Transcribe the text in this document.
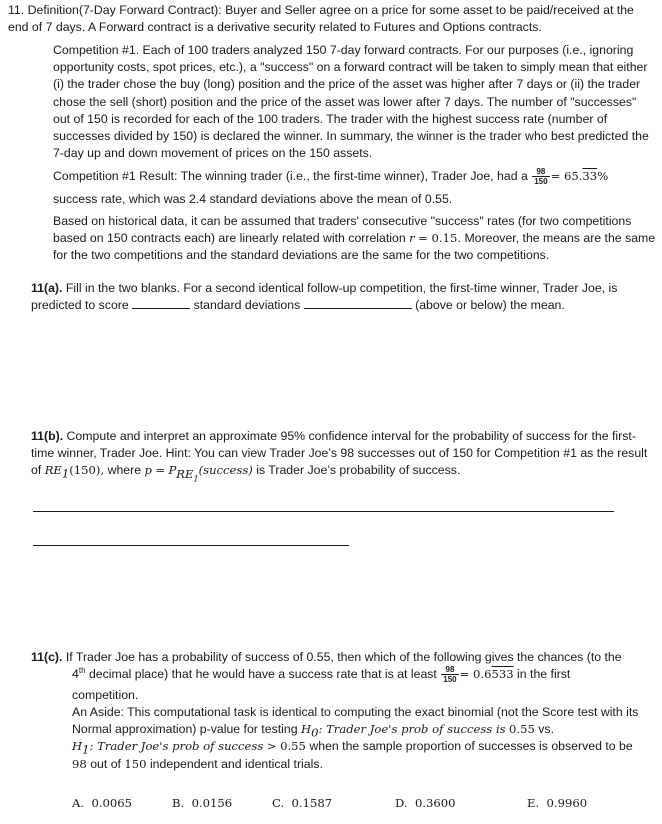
11. Definition(7-Day Forward Contract): Buyer and Seller agree on a price for some asset to be paid/received at the end of 7 days. A Forward contract is a derivative security related to Futures and Options contracts.
Competition #1. Each of 100 traders analyzed 150 7-day forward contracts. For our purposes (i.e., ignoring opportunity costs, spot prices, etc.), a "success" on a forward contract will be taken to simply mean that either (i) the trader chose the buy (long) position and the price of the asset was higher after 7 days or (ii) the trader chose the sell (short) position and the price of the asset was lower after 7 days. The number of "successes" out of 150 is recorded for each of the 100 traders. The trader with the highest success rate (number of successes divided by 150) is declared the winner. In summary, the winner is the trader who best predicted the 7-day up and down movement of prices on the 150 assets.
Competition #1 Result: The winning trader (i.e., the first-time winner), Trader Joe, had a $\frac{98}{150} = 65.33\%$
success rate, which was 2.4 standard deviations above the mean of 0.55.
Based on historical data, it can be assumed that traders' consecutive "success" rates (for two competitions based on 150 contracts each) are linearly related with correlation r = 0.15. Moreover, the means are the same for the two competitions and the standard deviations are the same for the two competitions.
11(a). Fill in the two blanks. For a second identical follow-up competition, the first-time winner, Trader Joe, is predicted to score	standard deviations	(above or below) the mean.
11(b). Compute and interpret an approximate 95% confidence interval for the probability of success for the first-time winner, Trader Joe. Hint: You can view Trader Joe’s 98 successes out of 150 for Competition #1 as the result of $RE_1(150)$, where $p = P_{RE_1}(success)$ is Trader Joe’s probability of success.
11(c). If Trader Joe has a probability of success of 0.55, then which of the following gives the chances (to the
4th decimal place) that he would have a success rate that is at least $\frac{98}{150} = 0.6533$ in the first
competition.
An Aside: This computational task is identical to computing the exact binomial (not the Score test with its Normal approximation) p-value for testing $H_0$: Trader Joe's prob of success is 0.55 vs.
$H_1$: Trader Joe's prob of success > 0.55 when the sample proportion of successes is observed to be
98 out of 150 independent and identical trials.
A. 0.0065	B. 0.0156	C. 0.1587	D. 0.3600	E. 0.9960
